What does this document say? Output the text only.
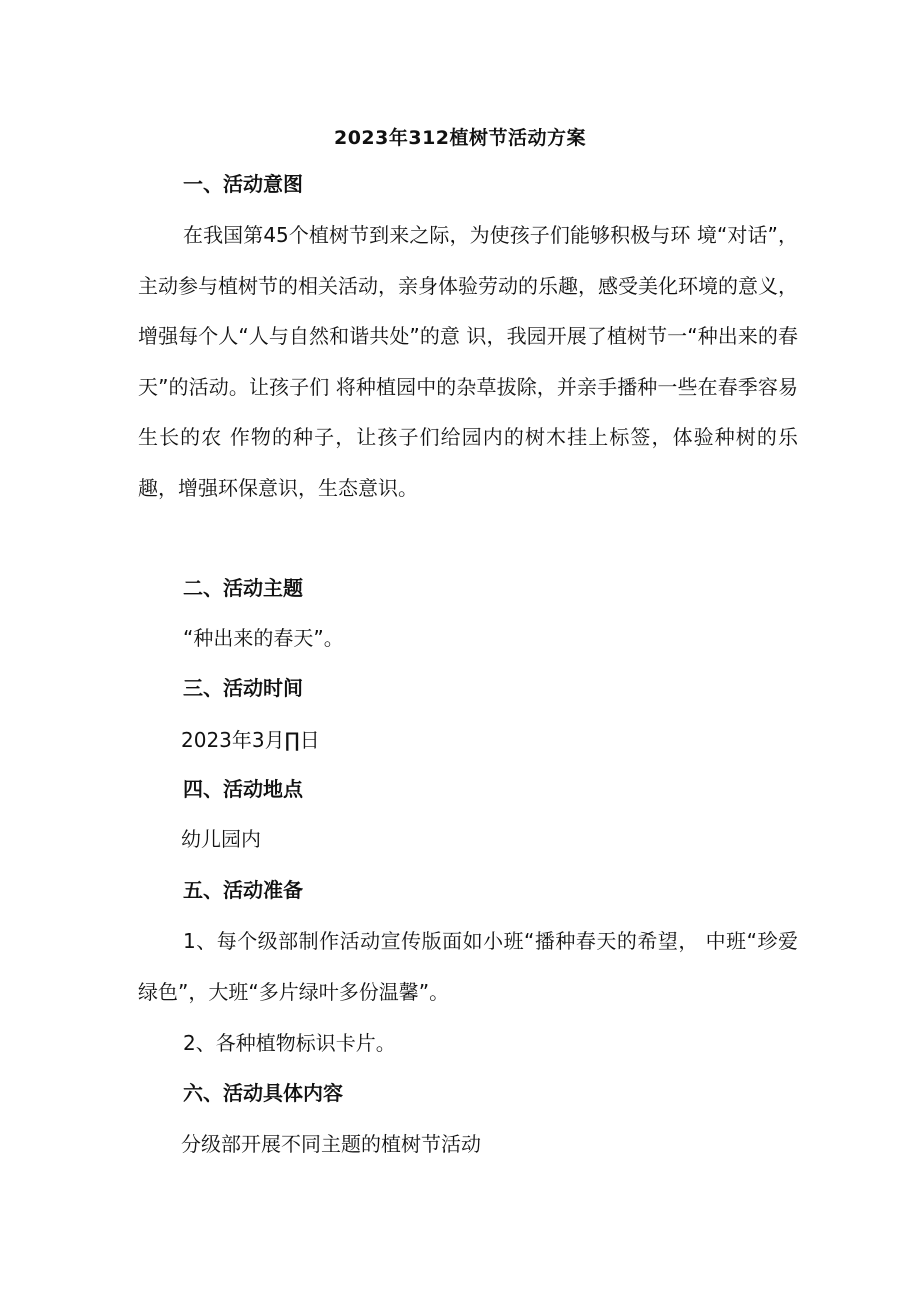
2023年312植树节活动方案
一、活动意图

在我国第45个植树节到来之际，为使孩子们能够积极与环 境“对话”，主动参与植树节的相关活动，亲身体验劳动的乐趣，感受美化环境的意义，增强每个人“人与自然和谐共处”的意 识，我园开展了植树节一“种出来的春天”的活动。让孩子们 将种植园中的杂草拔除，并亲手播种一些在春季容易生长的农 作物的种子，让孩子们给园内的树木挂上标签，体验种树的乐 趣，增强环保意识，生态意识。

二、活动主题
“种出来的春天”。
三、活动时间
2023年3月∏日
四、活动地点
幼儿园内
五、活动准备

1、每个级部制作活动宣传版面如小班“播种春天的希望， 中班“珍爱绿色”，大班“多片绿叶多份温馨”。

2、各种植物标识卡片。
六、活动具体内容
分级部开展不同主题的植树节活动
